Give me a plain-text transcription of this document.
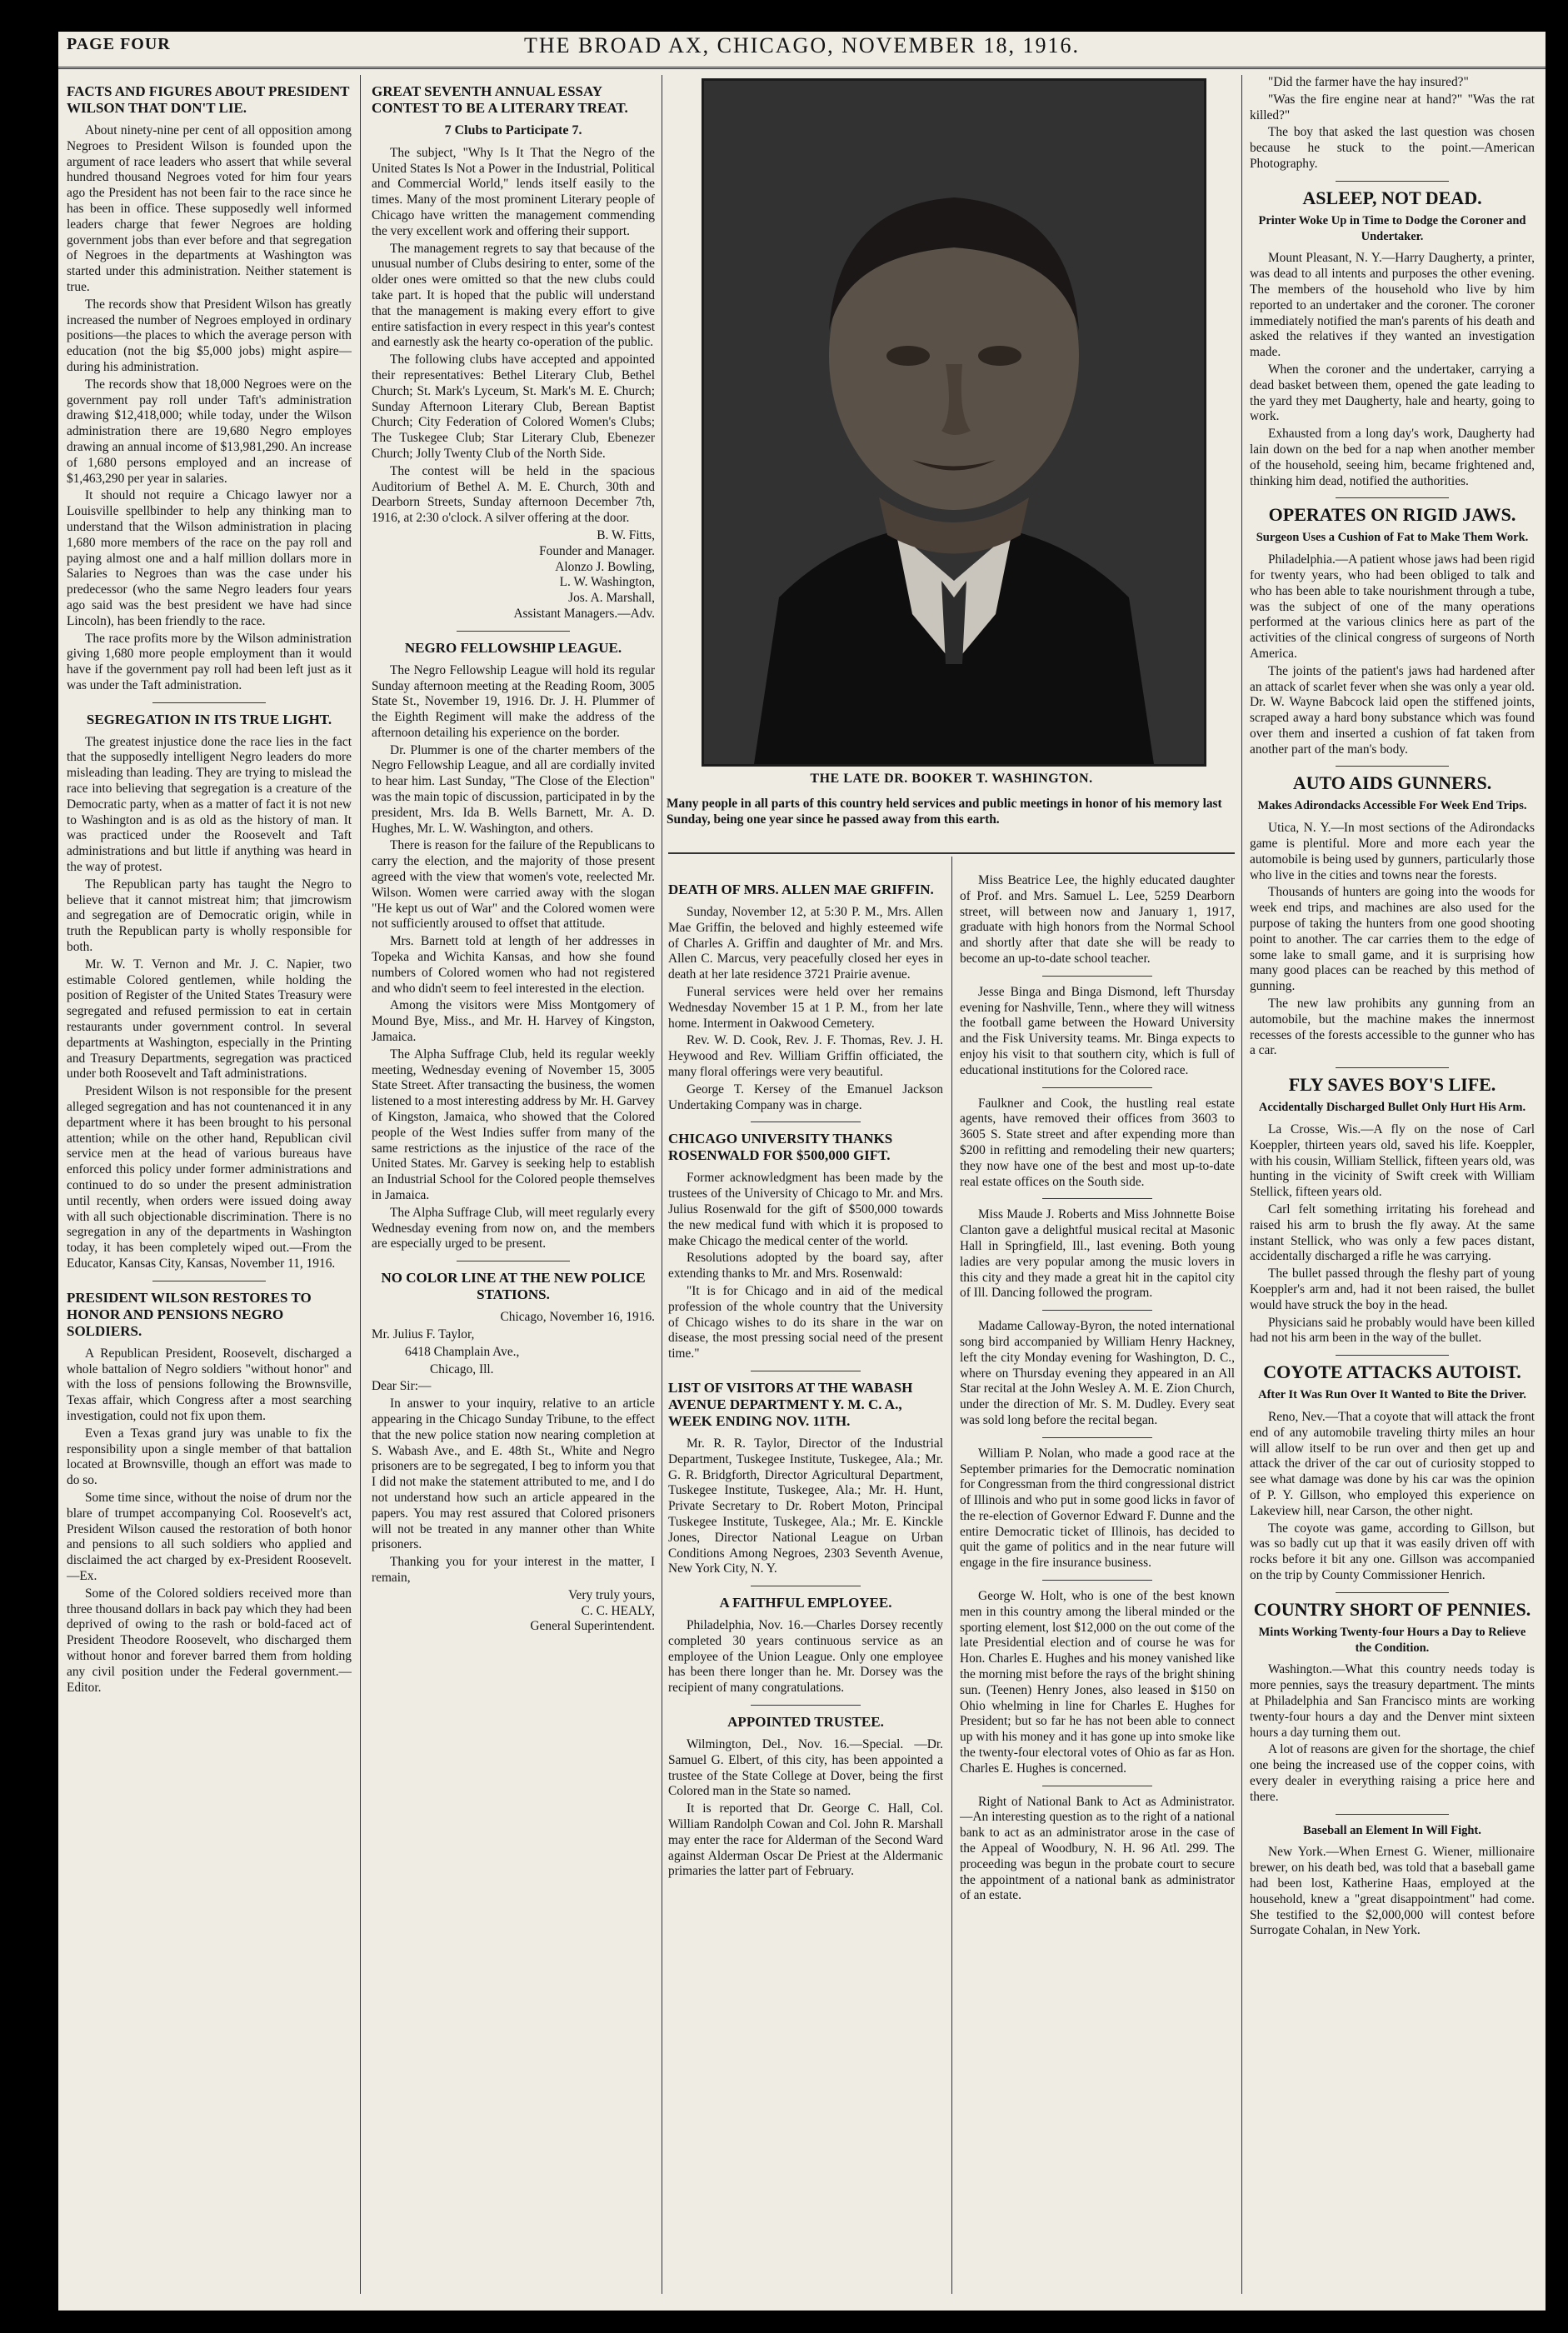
PAGE FOUR	THE BROAD AX, CHICAGO, NOVEMBER 18, 1916.
FACTS AND FIGURES ABOUT PRESIDENT WILSON THAT DON'T LIE.

About ninety-nine per cent of all opposition among Negroes to President Wilson is founded upon the argument of race leaders who assert that while several hundred thousand Negroes voted for him four years ago the President has not been fair to the race since he has been in office. These supposedly well informed leaders charge that fewer Negroes are holding government jobs than ever before and that segregation of Negroes in the departments at Washington was started under this administration. Neither statement is true.

The records show that President Wilson has greatly increased the number of Negroes employed in ordinary positions—the places to which the average person with education (not the big $5,000 jobs) might aspire—during his administration.

The records show that 18,000 Negroes were on the government pay roll under Taft's administration drawing $12,418,000; while today, under the Wilson administration there are 19,680 Negro employes drawing an annual income of $13,981,290. An increase of 1,680 persons employed and an increase of $1,463,290 per year in salaries.

It should not require a Chicago lawyer nor a Louisville spellbinder to help any thinking man to understand that the Wilson administration in placing 1,680 more members of the race on the pay roll and paying almost one and a half million dollars more in Salaries to Negroes than was the case under his predecessor (who the same Negro leaders four years ago said was the best president we have had since Lincoln), has been friendly to the race.

The race profits more by the Wilson administration giving 1,680 more people employment than it would have if the government pay roll had been left just as it was under the Taft administration.

SEGREGATION IN ITS TRUE LIGHT.

The greatest injustice done the race lies in the fact that the supposedly intelligent Negro leaders do more misleading than leading. They are trying to mislead the race into believing that segregation is a creature of the Democratic party, when as a matter of fact it is not new to Washington and is as old as the history of man. It was practiced under the Roosevelt and Taft administrations and but little if anything was heard in the way of protest.

The Republican party has taught the Negro to believe that it cannot mistreat him; that jimcrowism and segregation are of Democratic origin, while in truth the Republican party is wholly responsible for both.

Mr. W. T. Vernon and Mr. J. C. Napier, two estimable Colored gentlemen, while holding the position of Register of the United States Treasury were segregated and refused permission to eat in certain restaurants under government control. In several departments at Washington, especially in the Printing and Treasury Departments, segregation was practiced under both Roosevelt and Taft administrations.

President Wilson is not responsible for the present alleged segregation and has not countenanced it in any department where it has been brought to his personal attention; while on the other hand, Republican civil service men at the head of various bureaus have enforced this policy under former administrations and continued to do so under the present administration until recently, when orders were issued doing away with all such objectionable discrimination. There is no segregation in any of the departments in Washington today, it has been completely wiped out.—From the Educator, Kansas City, Kansas, November 11, 1916.

PRESIDENT WILSON RESTORES TO HONOR AND PENSIONS NEGRO SOLDIERS.

A Republican President, Roosevelt, discharged a whole battalion of Negro soldiers "without honor" and with the loss of pensions following the Brownsville, Texas affair, which Congress after a most searching investigation, could not fix upon them.

Even a Texas grand jury was unable to fix the responsibility upon a single member of that battalion located at Brownsville, though an effort was made to do so.

Some time since, without the noise of drum nor the blare of trumpet accompanying Col. Roosevelt's act, President Wilson caused the restoration of both honor and pensions to all such soldiers who applied and disclaimed the act charged by ex-President Roosevelt.—Ex.

Some of the Colored soldiers received more than three thousand dollars in back pay which they had been deprived of owing to the rash or bold-faced act of President Theodore Roosevelt, who discharged them without honor and forever barred them from holding any civil position under the Federal government.—Editor.

GREAT SEVENTH ANNUAL ESSAY CONTEST TO BE A LITERARY TREAT.
7 Clubs to Participate 7.

The subject, "Why Is It That the Negro of the United States Is Not a Power in the Industrial, Political and Commercial World," lends itself easily to the times. Many of the most prominent Literary people of Chicago have written the management commending the very excellent work and offering their support.

The management regrets to say that because of the unusual number of Clubs desiring to enter, some of the older ones were omitted so that the new clubs could take part. It is hoped that the public will understand that the management is making every effort to give entire satisfaction in every respect in this year's contest and earnestly ask the hearty co-operation of the public.

The following clubs have accepted and appointed their representatives: Bethel Literary Club, Bethel Church; St. Mark's Lyceum, St. Mark's M. E. Church; Sunday Afternoon Literary Club, Berean Baptist Church; City Federation of Colored Women's Clubs; The Tuskegee Club; Star Literary Club, Ebenezer Church; Jolly Twenty Club of the North Side.

The contest will be held in the spacious Auditorium of Bethel A. M. E. Church, 30th and Dearborn Streets, Sunday afternoon December 7th, 1916, at 2:30 o'clock. A silver offering at the door.

B. W. Fitts,

Founder and Manager.

Alonzo J. Bowling,

L. W. Washington,

Jos. A. Marshall,

Assistant Managers.—Adv.

NEGRO FELLOWSHIP LEAGUE.

The Negro Fellowship League will hold its regular Sunday afternoon meeting at the Reading Room, 3005 State St., November 19, 1916. Dr. J. H. Plummer of the Eighth Regiment will make the address of the afternoon detailing his experience on the border.

Dr. Plummer is one of the charter members of the Negro Fellowship League, and all are cordially invited to hear him. Last Sunday, "The Close of the Election" was the main topic of discussion, participated in by the president, Mrs. Ida B. Wells Barnett, Mr. A. D. Hughes, Mr. L. W. Washington, and others.

There is reason for the failure of the Republicans to carry the election, and the majority of those present agreed with the view that women's vote, reelected Mr. Wilson. Women were carried away with the slogan "He kept us out of War" and the Colored women were not sufficiently aroused to offset that attitude.

Mrs. Barnett told at length of her addresses in Topeka and Wichita Kansas, and how she found numbers of Colored women who had not registered and who didn't seem to feel interested in the election.

Among the visitors were Miss Montgomery of Mound Bye, Miss., and Mr. H. Harvey of Kingston, Jamaica.

The Alpha Suffrage Club, held its regular weekly meeting, Wednesday evening of November 15, 3005 State Street. After transacting the business, the women listened to a most interesting address by Mr. H. Garvey of Kingston, Jamaica, who showed that the Colored people of the West Indies suffer from many of the same restrictions as the injustice of the race of the United States. Mr. Garvey is seeking help to establish an Industrial School for the Colored people themselves in Jamaica.

The Alpha Suffrage Club, will meet regularly every Wednesday evening from now on, and the members are especially urged to be present.

NO COLOR LINE AT THE NEW POLICE STATIONS.

Chicago, November 16, 1916.

Mr. Julius F. Taylor,

6418 Champlain Ave.,

Chicago, Ill.

Dear Sir:—

In answer to your inquiry, relative to an article appearing in the Chicago Sunday Tribune, to the effect that the new police station now nearing completion at S. Wabash Ave., and E. 48th St., White and Negro prisoners are to be segregated, I beg to inform you that I did not make the statement attributed to me, and I do not understand how such an article appeared in the papers. You may rest assured that Colored prisoners will not be treated in any manner other than White prisoners.

Thanking you for your interest in the matter, I remain,

Very truly yours,

C. C. HEALY,

General Superintendent.

THE LATE DR. BOOKER T. WASHINGTON.
Many people in all parts of this country held services and public meetings in honor of his memory last Sunday, being one year since he passed away from this earth.
DEATH OF MRS. ALLEN MAE GRIFFIN.

Sunday, November 12, at 5:30 P. M., Mrs. Allen Mae Griffin, the beloved and highly esteemed wife of Charles A. Griffin and daughter of Mr. and Mrs. Allen C. Marcus, very peacefully closed her eyes in death at her late residence 3721 Prairie avenue.

Funeral services were held over her remains Wednesday November 15 at 1 P. M., from her late home. Interment in Oakwood Cemetery.

Rev. W. D. Cook, Rev. J. F. Thomas, Rev. J. H. Heywood and Rev. William Griffin officiated, the many floral offerings were very beautiful.

George T. Kersey of the Emanuel Jackson Undertaking Company was in charge.

CHICAGO UNIVERSITY THANKS ROSENWALD FOR $500,000 GIFT.

Former acknowledgment has been made by the trustees of the University of Chicago to Mr. and Mrs. Julius Rosenwald for the gift of $500,000 towards the new medical fund with which it is proposed to make Chicago the medical center of the world.

Resolutions adopted by the board say, after extending thanks to Mr. and Mrs. Rosenwald:

"It is for Chicago and in aid of the medical profession of the whole country that the University of Chicago wishes to do its share in the war on disease, the most pressing social need of the present time."

LIST OF VISITORS AT THE WABASH AVENUE DEPARTMENT Y. M. C. A., WEEK ENDING NOV. 11TH.

Mr. R. R. Taylor, Director of the Industrial Department, Tuskegee Institute, Tuskegee, Ala.; Mr. G. R. Bridgforth, Director Agricultural Department, Tuskegee Institute, Tuskegee, Ala.; Mr. H. Hunt, Private Secretary to Dr. Robert Moton, Principal Tuskegee Institute, Tuskegee, Ala.; Mr. E. Kinckle Jones, Director National League on Urban Conditions Among Negroes, 2303 Seventh Avenue, New York City, N. Y.

A FAITHFUL EMPLOYEE.

Philadelphia, Nov. 16.—Charles Dorsey recently completed 30 years continuous service as an employee of the Union League. Only one employee has been there longer than he. Mr. Dorsey was the recipient of many congratulations.

APPOINTED TRUSTEE.

Wilmington, Del., Nov. 16.—Special. —Dr. Samuel G. Elbert, of this city, has been appointed a trustee of the State College at Dover, being the first Colored man in the State so named.

It is reported that Dr. George C. Hall, Col. William Randolph Cowan and Col. John R. Marshall may enter the race for Alderman of the Second Ward against Alderman Oscar De Priest at the Aldermanic primaries the latter part of February.

Miss Beatrice Lee, the highly educated daughter of Prof. and Mrs. Samuel L. Lee, 5259 Dearborn street, will between now and January 1, 1917, graduate with high honors from the Normal School and shortly after that date she will be ready to become an up-to-date school teacher.

Jesse Binga and Binga Dismond, left Thursday evening for Nashville, Tenn., where they will witness the football game between the Howard University and the Fisk University teams. Mr. Binga expects to enjoy his visit to that southern city, which is full of educational institutions for the Colored race.

Faulkner and Cook, the hustling real estate agents, have removed their offices from 3603 to 3605 S. State street and after expending more than $200 in refitting and remodeling their new quarters; they now have one of the best and most up-to-date real estate offices on the South side.

Miss Maude J. Roberts and Miss Johnnette Boise Clanton gave a delightful musical recital at Masonic Hall in Springfield, Ill., last evening. Both young ladies are very popular among the music lovers in this city and they made a great hit in the capitol city of Ill. Dancing followed the program.

Madame Calloway-Byron, the noted international song bird accompanied by William Henry Hackney, left the city Monday evening for Washington, D. C., where on Thursday evening they appeared in an All Star recital at the John Wesley A. M. E. Zion Church, under the direction of Mr. S. M. Dudley. Every seat was sold long before the recital began.

William P. Nolan, who made a good race at the September primaries for the Democratic nomination for Congressman from the third congressional district of Illinois and who put in some good licks in favor of the re-election of Governor Edward F. Dunne and the entire Democratic ticket of Illinois, has decided to quit the game of politics and in the near future will engage in the fire insurance business.

George W. Holt, who is one of the best known men in this country among the liberal minded or the sporting element, lost $12,000 on the out come of the late Presidential election and of course he was for Hon. Charles E. Hughes and his money vanished like the morning mist before the rays of the bright shining sun. (Teenen) Henry Jones, also leased in $150 on Ohio whelming in line for Charles E. Hughes for President; but so far he has not been able to connect up with his money and it has gone up into smoke like the twenty-four electoral votes of Ohio as far as Hon. Charles E. Hughes is concerned.

Right of National Bank to Act as Administrator.—An interesting question as to the right of a national bank to act as an administrator arose in the case of the Appeal of Woodbury, N. H. 96 Atl. 299. The proceeding was begun in the probate court to secure the appointment of a national bank as administrator of an estate.

"Did the farmer have the hay insured?"

"Was the fire engine near at hand?" "Was the rat killed?"

The boy that asked the last question was chosen because he stuck to the point.—American Photography.

ASLEEP, NOT DEAD.
Printer Woke Up in Time to Dodge the Coroner and Undertaker.

Mount Pleasant, N. Y.—Harry Daugherty, a printer, was dead to all intents and purposes the other evening. The members of the household who live by him reported to an undertaker and the coroner. The coroner immediately notified the man's parents of his death and asked the relatives if they wanted an investigation made.

When the coroner and the undertaker, carrying a dead basket between them, opened the gate leading to the yard they met Daugherty, hale and hearty, going to work.

Exhausted from a long day's work, Daugherty had lain down on the bed for a nap when another member of the household, seeing him, became frightened and, thinking him dead, notified the authorities.

OPERATES ON RIGID JAWS.
Surgeon Uses a Cushion of Fat to Make Them Work.

Philadelphia.—A patient whose jaws had been rigid for twenty years, who had been obliged to talk and who has been able to take nourishment through a tube, was the subject of one of the many operations performed at the various clinics here as part of the activities of the clinical congress of surgeons of North America.

The joints of the patient's jaws had hardened after an attack of scarlet fever when she was only a year old. Dr. W. Wayne Babcock laid open the stiffened joints, scraped away a hard bony substance which was found over them and inserted a cushion of fat taken from another part of the man's body.

AUTO AIDS GUNNERS.
Makes Adirondacks Accessible For Week End Trips.

Utica, N. Y.—In most sections of the Adirondacks game is plentiful. More and more each year the automobile is being used by gunners, particularly those who live in the cities and towns near the forests.

Thousands of hunters are going into the woods for week end trips, and machines are also used for the purpose of taking the hunters from one good shooting point to another. The car carries them to the edge of some lake to small game, and it is surprising how many good places can be reached by this method of gunning.

The new law prohibits any gunning from an automobile, but the machine makes the innermost recesses of the forests accessible to the gunner who has a car.

FLY SAVES BOY'S LIFE.
Accidentally Discharged Bullet Only Hurt His Arm.

La Crosse, Wis.—A fly on the nose of Carl Koeppler, thirteen years old, saved his life. Koeppler, with his cousin, William Stellick, fifteen years old, was hunting in the vicinity of Swift creek with William Stellick, fifteen years old.

Carl felt something irritating his forehead and raised his arm to brush the fly away. At the same instant Stellick, who was only a few paces distant, accidentally discharged a rifle he was carrying.

The bullet passed through the fleshy part of young Koeppler's arm and, had it not been raised, the bullet would have struck the boy in the head.

Physicians said he probably would have been killed had not his arm been in the way of the bullet.

COYOTE ATTACKS AUTOIST.
After It Was Run Over It Wanted to Bite the Driver.

Reno, Nev.—That a coyote that will attack the front end of any automobile traveling thirty miles an hour will allow itself to be run over and then get up and attack the driver of the car out of curiosity stopped to see what damage was done by his car was the opinion of P. Y. Gillson, who employed this experience on Lakeview hill, near Carson, the other night.

The coyote was game, according to Gillson, but was so badly cut up that it was easily driven off with rocks before it bit any one. Gillson was accompanied on the trip by County Commissioner Henrich.

COUNTRY SHORT OF PENNIES.
Mints Working Twenty-four Hours a Day to Relieve the Condition.

Washington.—What this country needs today is more pennies, says the treasury department. The mints at Philadelphia and San Francisco mints are working twenty-four hours a day and the Denver mint sixteen hours a day turning them out.

A lot of reasons are given for the shortage, the chief one being the increased use of the copper coins, with every dealer in everything raising a price here and there.

Baseball an Element In Will Fight.

New York.—When Ernest G. Wiener, millionaire brewer, on his death bed, was told that a baseball game had been lost, Katherine Haas, employed at the household, knew a "great disappointment" had come. She testified to the $2,000,000 will contest before Surrogate Cohalan, in New York.
